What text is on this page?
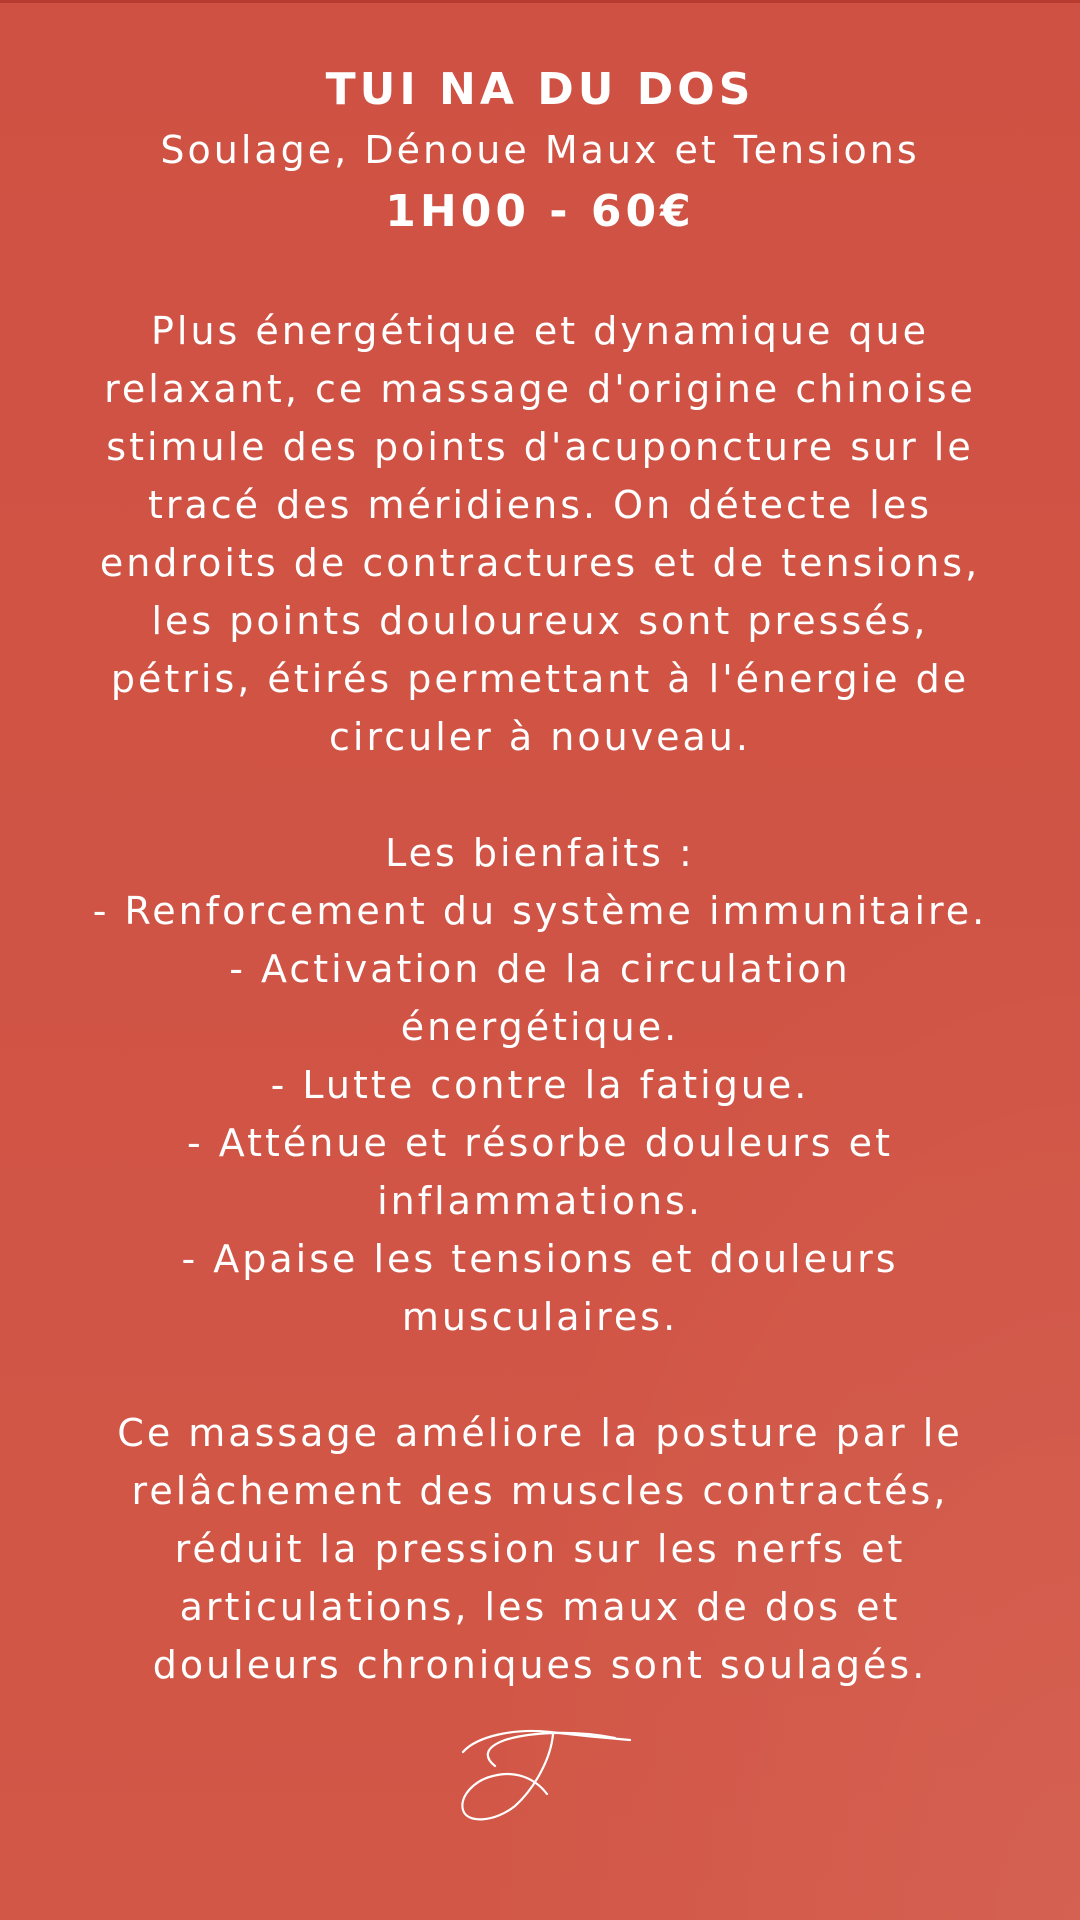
TUI NA DU DOS

Soulage, Dénoue Maux et Tensions

1H00 - 60€

Plus énergétique et dynamique que
relaxant, ce massage d'origine chinoise
stimule des points d'acuponcture sur le
tracé des méridiens. On détecte les
endroits de contractures et de tensions,
les points douloureux sont pressés,
pétris, étirés permettant à l'énergie de
circuler à nouveau.
Les bienfaits :
- Renforcement du système immunitaire.
- Activation de la circulation
énergétique.
- Lutte contre la fatigue.
- Atténue et résorbe douleurs et
inflammations.
- Apaise les tensions et douleurs
musculaires.
Ce massage améliore la posture par le
relâchement des muscles contractés,
réduit la pression sur les nerfs et
articulations, les maux de dos et
douleurs chroniques sont soulagés.
